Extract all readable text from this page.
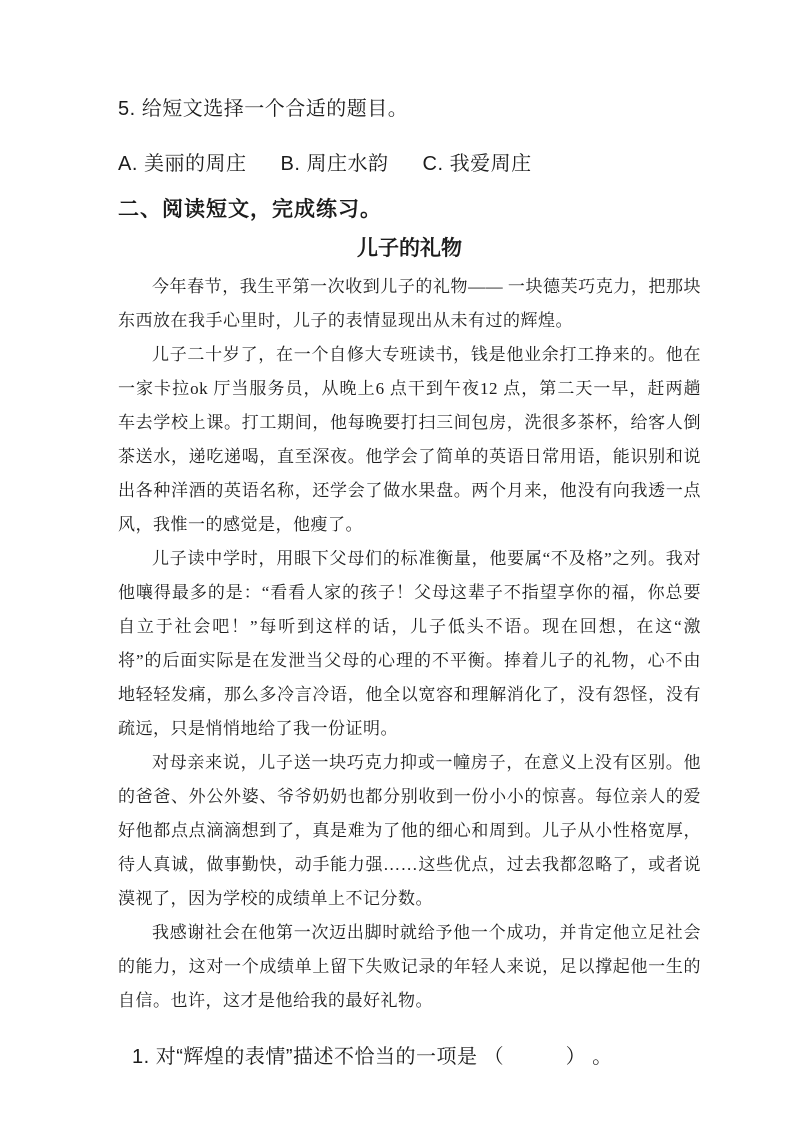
5. 给短文选择一个合适的题目。
A. 美丽的周庄 B. 周庄水韵 C. 我爱周庄
二、阅读短文，完成练习。
儿子的礼物

今年春节，我生平第一次收到儿子的礼物—— 一块德芙巧克力，把那块东西放在我手心里时，儿子的表情显现出从未有过的辉煌。

儿子二十岁了，在一个自修大专班读书，钱是他业余打工挣来的。他在一家卡拉ok 厅当服务员，从晚上6 点干到午夜12 点，第二天一早，赶两趟车去学校上课。打工期间，他每晚要打扫三间包房，洗很多茶杯，给客人倒茶送水，递吃递喝，直至深夜。他学会了简单的英语日常用语，能识别和说出各种洋酒的英语名称，还学会了做水果盘。两个月来，他没有向我透一点风，我惟一的感觉是，他瘦了。

儿子读中学时，用眼下父母们的标准衡量，他要属“不及格”之列。我对他嚷得最多的是：“看看人家的孩子！父母这辈子不指望享你的福，你总要自立于社会吧！”每听到这样的话，儿子低头不语。现在回想，在这“激将”的后面实际是在发泄当父母的心理的不平衡。捧着儿子的礼物，心不由地轻轻发痛，那么多冷言冷语，他全以宽容和理解消化了，没有怨怪，没有疏远，只是悄悄地给了我一份证明。

对母亲来说，儿子送一块巧克力抑或一幢房子，在意义上没有区别。他的爸爸、外公外婆、爷爷奶奶也都分别收到一份小小的惊喜。每位亲人的爱好他都点点滴滴想到了，真是难为了他的细心和周到。儿子从小性格宽厚，待人真诚，做事勤快，动手能力强……这些优点，过去我都忽略了，或者说漠视了，因为学校的成绩单上不记分数。

我感谢社会在他第一次迈出脚时就给予他一个成功，并肯定他立足社会的能力，这对一个成绩单上留下失败记录的年轻人来说，足以撑起他一生的自信。也许，这才是他给我的最好礼物。

1. 对“辉煌的表情”描述不恰当的一项是 （　　　） 。
